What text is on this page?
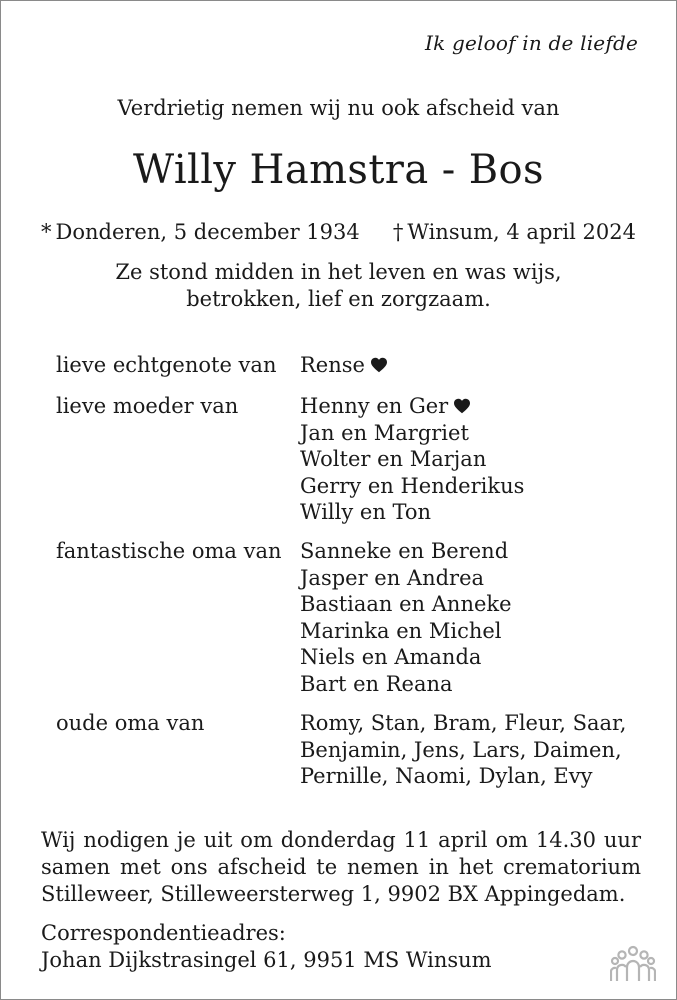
Ik geloof in de liefde
Verdrietig nemen wij nu ook afscheid van
Willy Hamstra - Bos
* Donderen, 5 december 1934 † Winsum, 4 april 2024
Ze stond midden in het leven en was wijs,
betrokken, lief en zorgzaam.
lieve echtgenote van Rense
lieve moeder van	Henny en Ger
Jan en Margriet
Wolter en Marjan
Gerry en Henderikus
Willy en Ton
fantastische oma van Sanneke en Berend
Jasper en Andrea
Bastiaan en Anneke
Marinka en Michel
Niels en Amanda
Bart en Reana
oude oma van	Romy, Stan, Bram, Fleur, Saar,
Benjamin, Jens, Lars, Daimen,
Pernille, Naomi, Dylan, Evy
Wij nodigen je uit om donderdag 11 april om 14.30 uur
samen met ons afscheid te nemen in het crematorium
Stilleweer, Stilleweersterweg 1, 9902 BX Appingedam.
Correspondentieadres:
Johan Dijkstrasingel 61, 9951 MS Winsum
